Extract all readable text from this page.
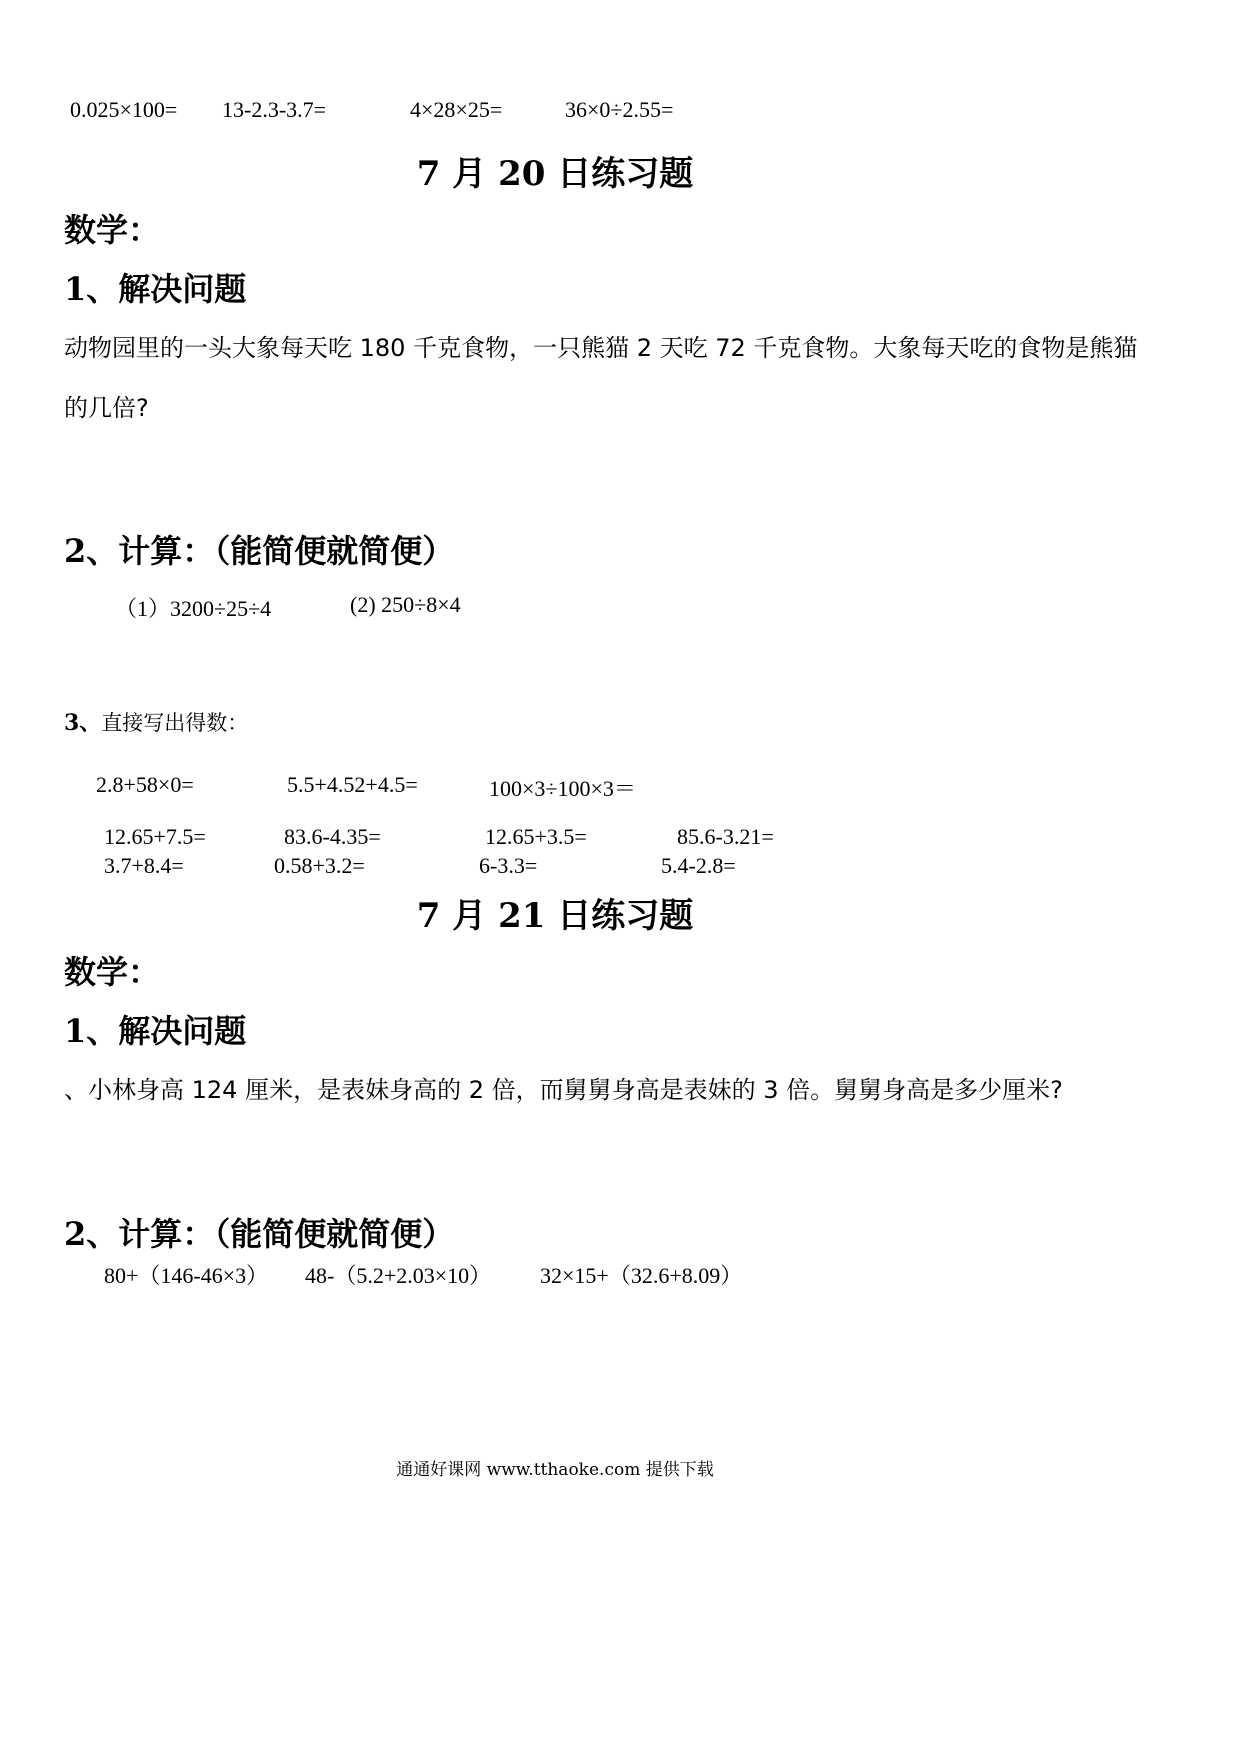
0.025×100= 13-2.3-3.7=	4×28×25=	36×0÷2.55=
7 月 20 日练习题
数学：
1、解决问题
动物园里的一头大象每天吃 180 千克食物，一只熊猫 2 天吃 72 千克食物。大象每天吃的食物是熊猫
的几倍?
2、计算：（能简便就简便）
（1）3200÷25÷4	(2) 250÷8×4
3、直接写出得数：
2.8+58×0=	5.5+4.52+4.5=	100×3÷100×3＝
12.65+7.5=	83.6-4.35=	12.65+3.5=	85.6-3.21=
3.7+8.4=	0.58+3.2=	6-3.3=	5.4-2.8=
7 月 21 日练习题
数学：
1、解决问题
、小林身高 124 厘米，是表妹身高的 2 倍，而舅舅身高是表妹的 3 倍。舅舅身高是多少厘米?
2、计算：（能简便就简便）
80+（146-46×3） 48-（5.2+2.03×10） 32×15+（32.6+8.09）
通通好课网 www.tthaoke.com 提供下载
